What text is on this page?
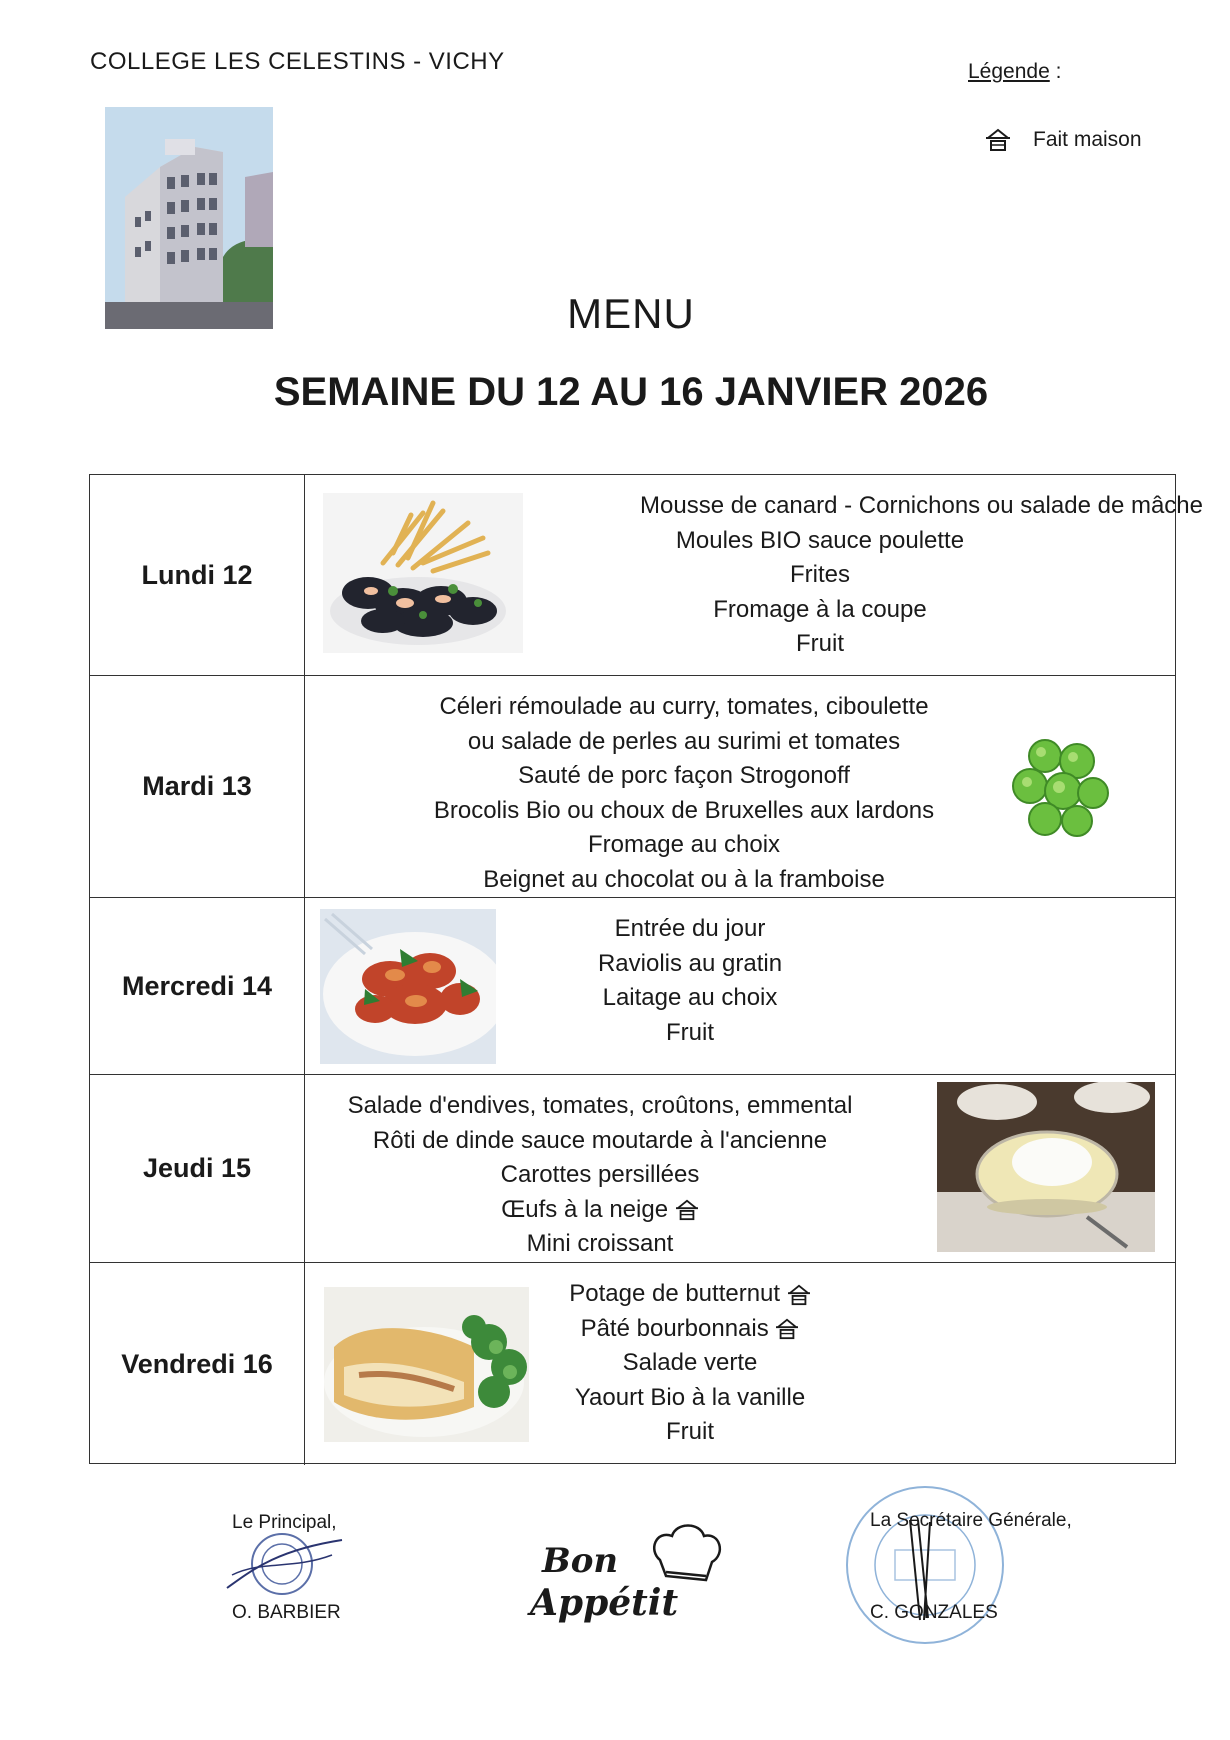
COLLEGE LES CELESTINS - VICHY	Légende :
Fait maison
MENU
SEMAINE DU 12 AU 16 JANVIER 2026
Lundi 12
Mousse de canard - Cornichons ou salade de mâche
Moules BIO sauce poulette
Frites
Fromage à la coupe
Fruit
Mardi 13
Céleri rémoulade au curry, tomates, ciboulette
ou salade de perles au surimi et tomates
Sauté de porc façon Strogonoff
Brocolis Bio ou choux de Bruxelles aux lardons
Fromage au choix
Beignet au chocolat ou à la framboise
Mercredi 14
Entrée du jour
Raviolis au gratin
Laitage au choix
Fruit
Jeudi 15
Salade d'endives, tomates, croûtons, emmental
Rôti de dinde sauce moutarde à l'ancienne
Carottes persillées
Œufs à la neige
Mini croissant
Vendredi 16
Potage de butternut
Pâté bourbonnais
Salade verte
Yaourt Bio à la vanille
Fruit
Le Principal,
O. BARBIER
Bon
Appétit
La Secrétaire Générale,
C. GONZALES
